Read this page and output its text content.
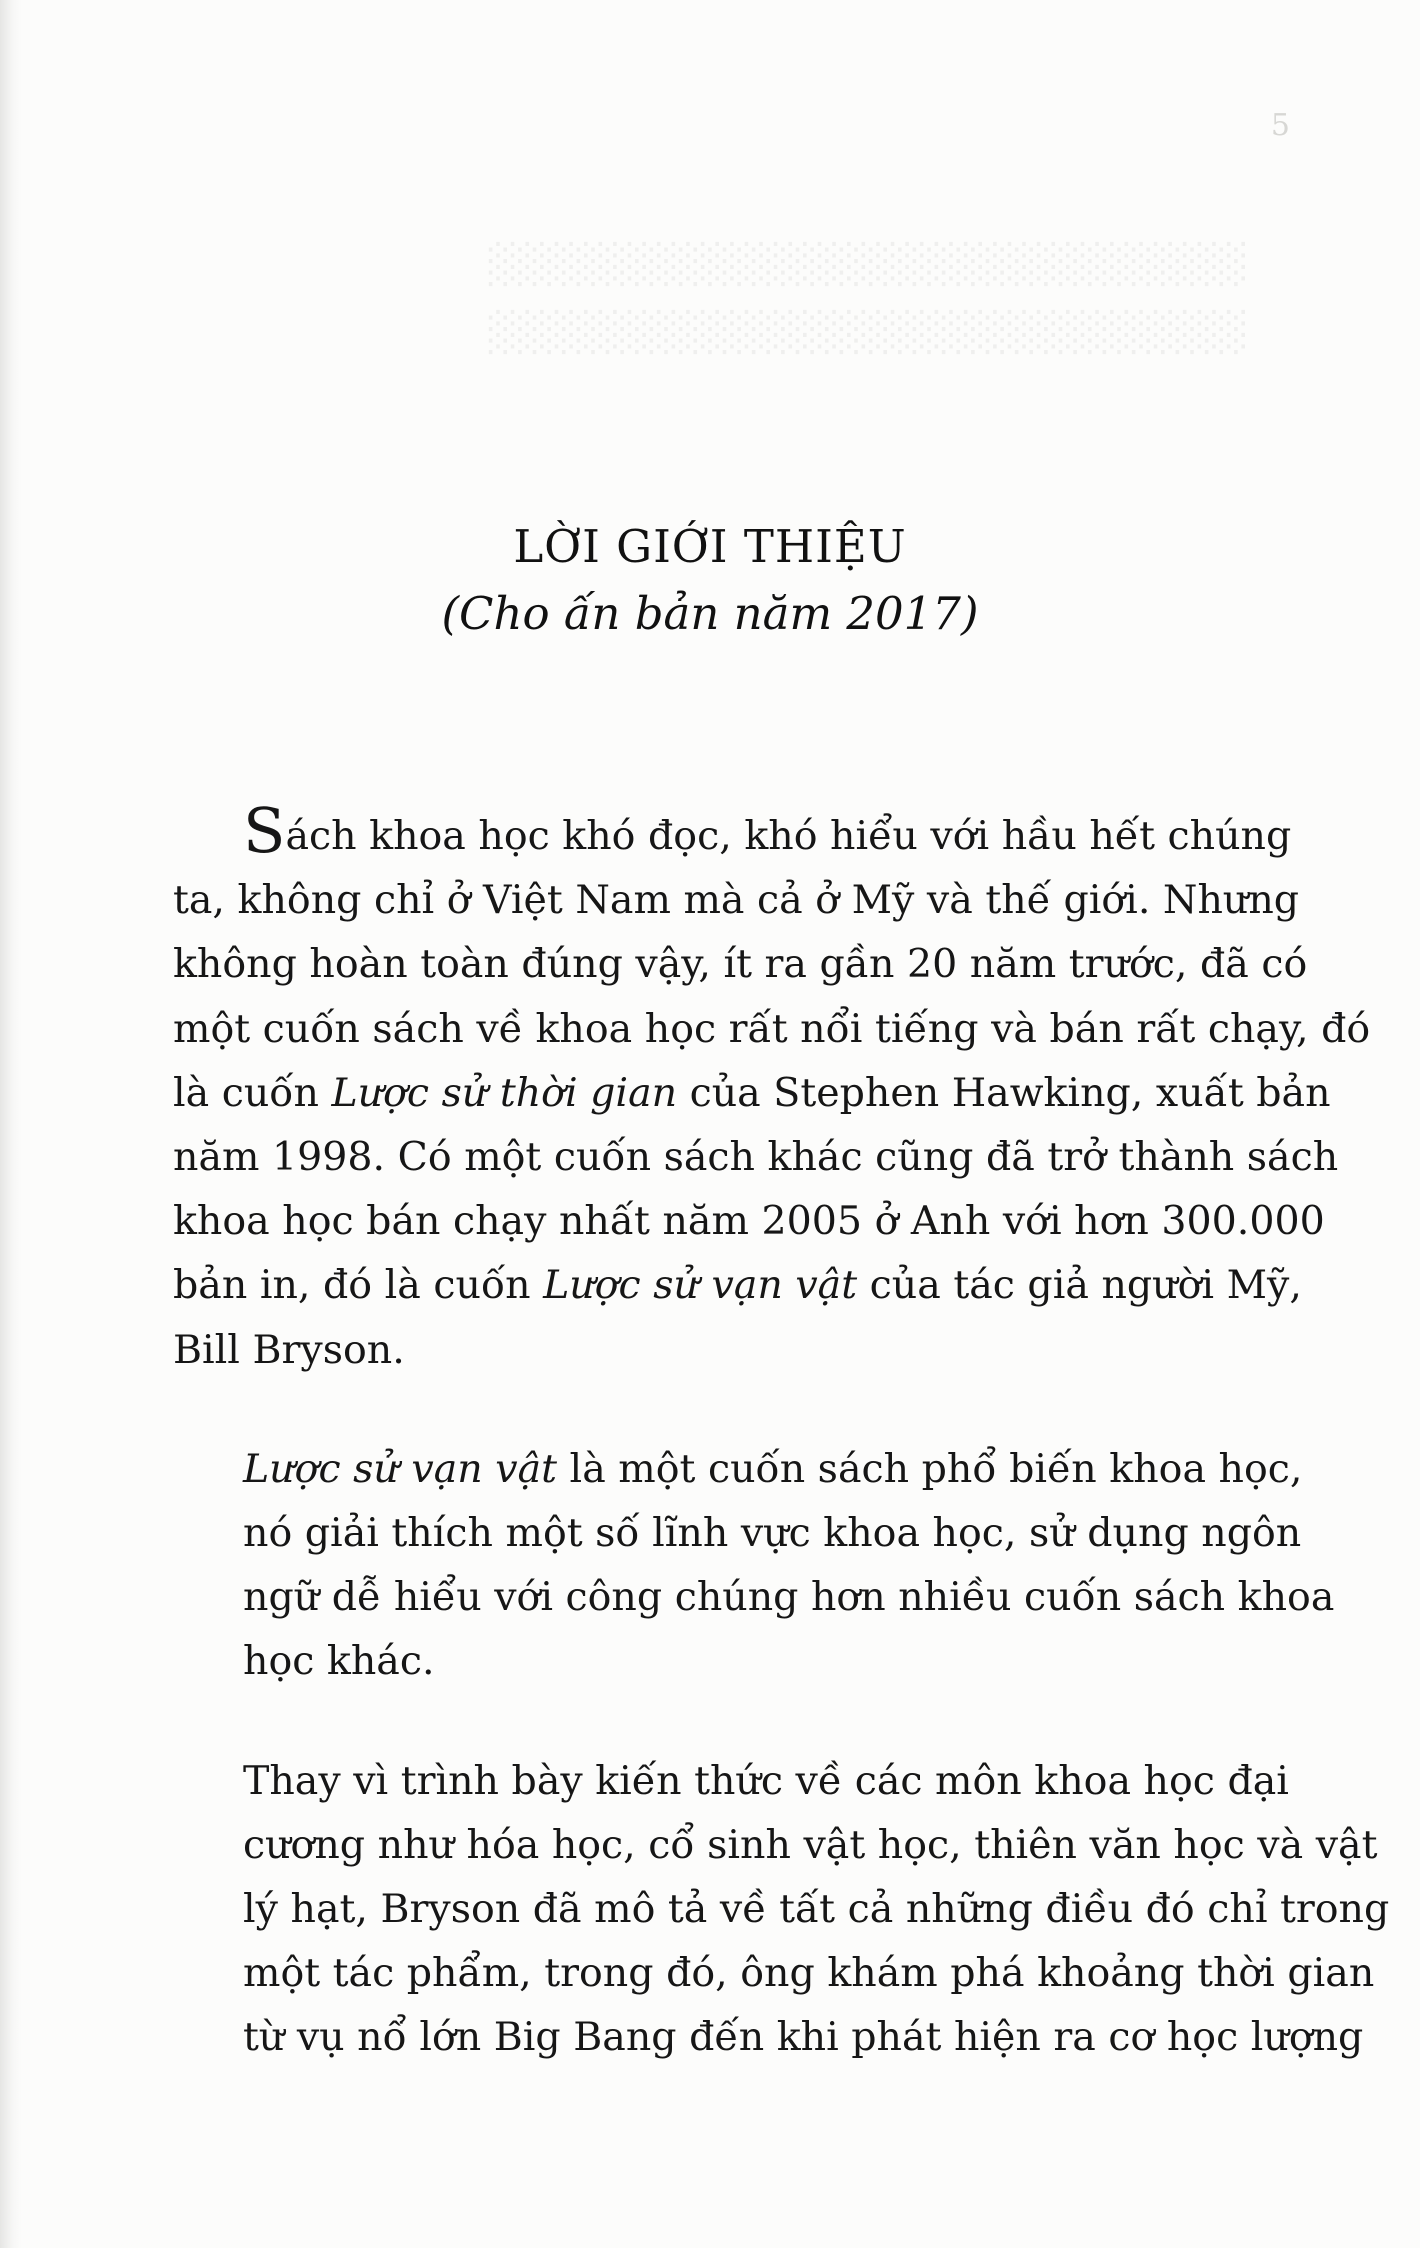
░░░░░░░░░░░░░░░░░░░░░░░░░░
░░░░░░░░░░░░░░░░░░░░░░░░░░
5
LỜI GIỚI THIỆU
(Cho ấn bản năm 2017)
Sách khoa học khó đọc, khó hiểu với hầu hết chúng
ta, không chỉ ở Việt Nam mà cả ở Mỹ và thế giới. Nhưng
không hoàn toàn đúng vậy, ít ra gần 20 năm trước, đã có
một cuốn sách về khoa học rất nổi tiếng và bán rất chạy, đó
là cuốn Lược sử thời gian của Stephen Hawking, xuất bản
năm 1998. Có một cuốn sách khác cũng đã trở thành sách
khoa học bán chạy nhất năm 2005 ở Anh với hơn 300.000
bản in, đó là cuốn Lược sử vạn vật của tác giả người Mỹ,
Bill Bryson.
Lược sử vạn vật là một cuốn sách phổ biến khoa học,
nó giải thích một số lĩnh vực khoa học, sử dụng ngôn
ngữ dễ hiểu với công chúng hơn nhiều cuốn sách khoa
học khác.
Thay vì trình bày kiến thức về các môn khoa học đại
cương như hóa học, cổ sinh vật học, thiên văn học và vật
lý hạt, Bryson đã mô tả về tất cả những điều đó chỉ trong
một tác phẩm, trong đó, ông khám phá khoảng thời gian
từ vụ nổ lớn Big Bang đến khi phát hiện ra cơ học lượng
